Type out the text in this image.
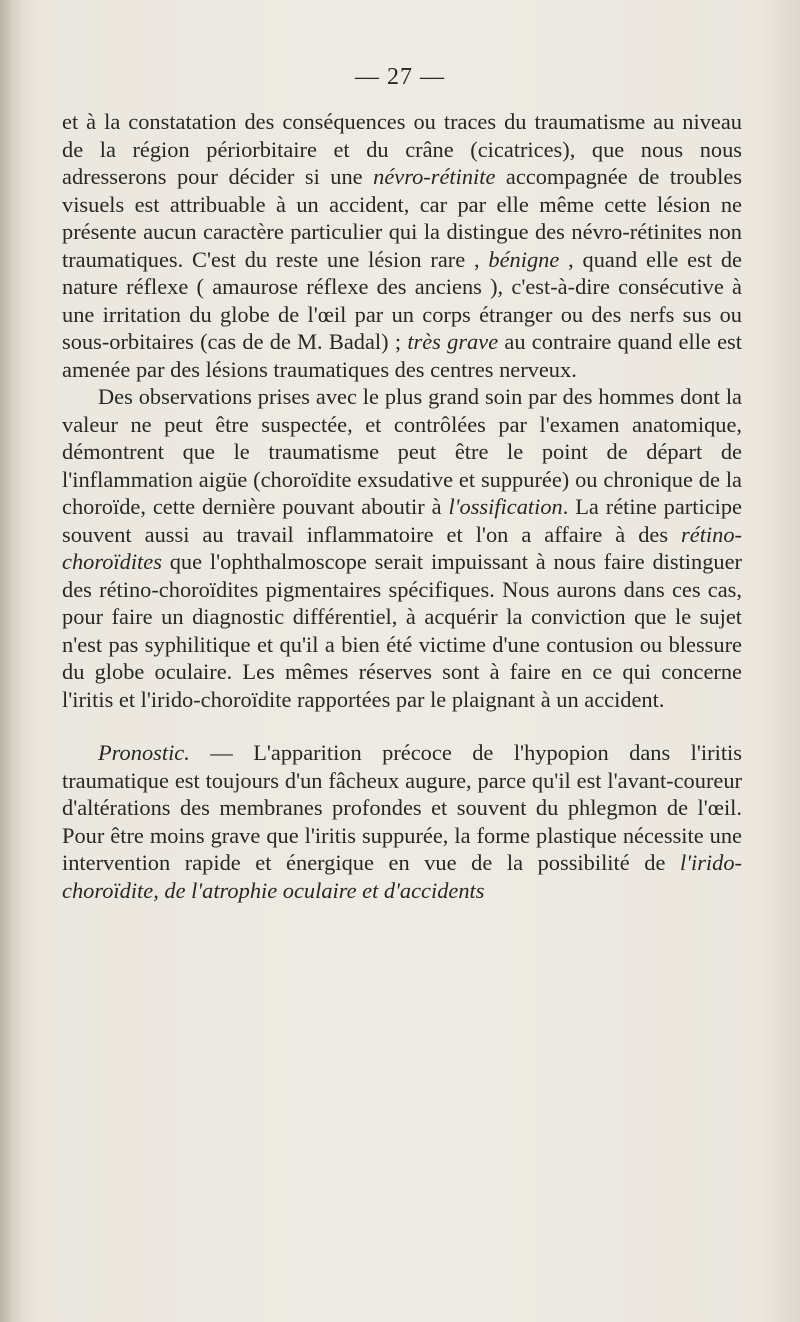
— 27 —

et à la constatation des conséquences ou traces du traumatisme au niveau de la région périorbitaire et du crâne (cicatrices), que nous nous adresserons pour décider si une névro-rétinite accompagnée de troubles visuels est attribuable à un accident, car par elle même cette lésion ne présente aucun caractère particulier qui la distingue des névro-rétinites non traumatiques. C'est du reste une lésion rare , bénigne , quand elle est de nature réflexe ( amaurose réflexe des anciens ), c'est-à-dire consécutive à une irritation du globe de l'œil par un corps étranger ou des nerfs sus ou sous-orbitaires (cas de de M. Badal) ; très grave au contraire quand elle est amenée par des lésions traumatiques des centres nerveux.

Des observations prises avec le plus grand soin par des hommes dont la valeur ne peut être suspectée, et contrôlées par l'examen anatomique, démontrent que le traumatisme peut être le point de départ de l'inflammation aigüe (choroïdite exsudative et suppurée) ou chronique de la choroïde, cette dernière pouvant aboutir à l'ossification. La rétine participe souvent aussi au travail inflammatoire et l'on a affaire à des rétino-choroïdites que l'ophthalmoscope serait impuissant à nous faire distinguer des rétino-choroïdites pigmentaires spécifiques. Nous aurons dans ces cas, pour faire un diagnostic différentiel, à acquérir la conviction que le sujet n'est pas syphilitique et qu'il a bien été victime d'une contusion ou blessure du globe oculaire. Les mêmes réserves sont à faire en ce qui concerne l'iritis et l'irido-choroïdite rapportées par le plaignant à un accident.

Pronostic. — L'apparition précoce de l'hypopion dans l'iritis traumatique est toujours d'un fâcheux augure, parce qu'il est l'avant-coureur d'altérations des membranes profondes et souvent du phlegmon de l'œil. Pour être moins grave que l'iritis suppurée, la forme plastique nécessite une intervention rapide et énergique en vue de la possibilité de l'irido-choroïdite, de l'atrophie oculaire et d'accidents
